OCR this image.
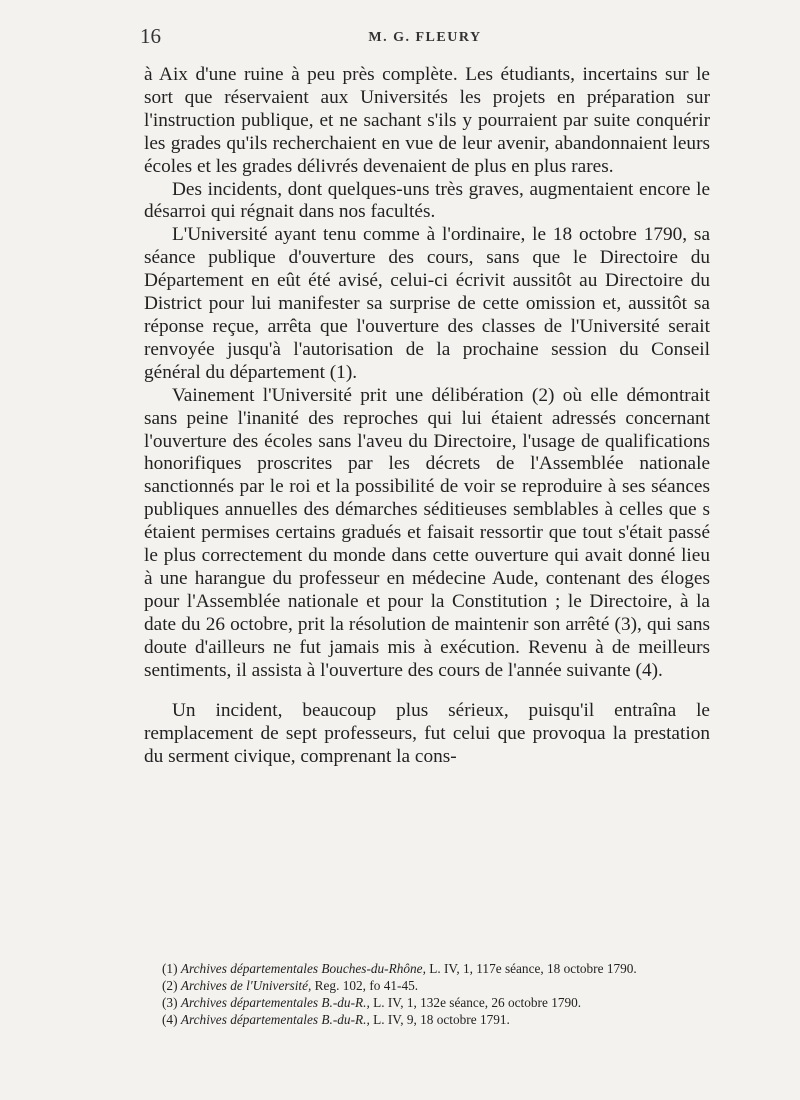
16	M. G. FLEURY

à Aix d'une ruine à peu près complète. Les étudiants, incertains sur le sort que réservaient aux Universités les projets en préparation sur l'instruction publique, et ne sachant s'ils y pourraient par suite conquérir les grades qu'ils recherchaient en vue de leur avenir, abandonnaient leurs écoles et les grades délivrés devenaient de plus en plus rares.

Des incidents, dont quelques-uns très graves, augmentaient encore le désarroi qui régnait dans nos facultés.

L'Université ayant tenu comme à l'ordinaire, le 18 octobre 1790, sa séance publique d'ouverture des cours, sans que le Directoire du Département en eût été avisé, celui-ci écrivit aussitôt au Directoire du District pour lui manifester sa surprise de cette omission et, aussitôt sa réponse reçue, arrêta que l'ouverture des classes de l'Université serait renvoyée jusqu'à l'autorisation de la prochaine session du Conseil général du département (1).

Vainement l'Université prit une délibération (2) où elle démontrait sans peine l'inanité des reproches qui lui étaient adressés concernant l'ouverture des écoles sans l'aveu du Directoire, l'usage de qualifications honorifiques proscrites par les décrets de l'Assemblée nationale sanctionnés par le roi et la possibilité de voir se reproduire à ses séances publiques annuelles des démarches séditieuses semblables à celles que s étaient permises certains gradués et faisait ressortir que tout s'était passé le plus correctement du monde dans cette ouverture qui avait donné lieu à une harangue du professeur en médecine Aude, contenant des éloges pour l'Assemblée nationale et pour la Constitution ; le Directoire, à la date du 26 octobre, prit la résolution de maintenir son arrêté (3), qui sans doute d'ailleurs ne fut jamais mis à exécution. Revenu à de meilleurs sentiments, il assista à l'ouverture des cours de l'année suivante (4).

Un incident, beaucoup plus sérieux, puisqu'il entraîna le remplacement de sept professeurs, fut celui que provoqua la prestation du serment civique, comprenant la cons-

(1) Archives départementales Bouches-du-Rhône, L. IV, 1, 117e séance, 18 octobre 1790.

(2) Archives de l'Université, Reg. 102, fo 41-45.

(3) Archives départementales B.-du-R., L. IV, 1, 132e séance, 26 octobre 1790.

(4) Archives départementales B.-du-R., L. IV, 9, 18 octobre 1791.
